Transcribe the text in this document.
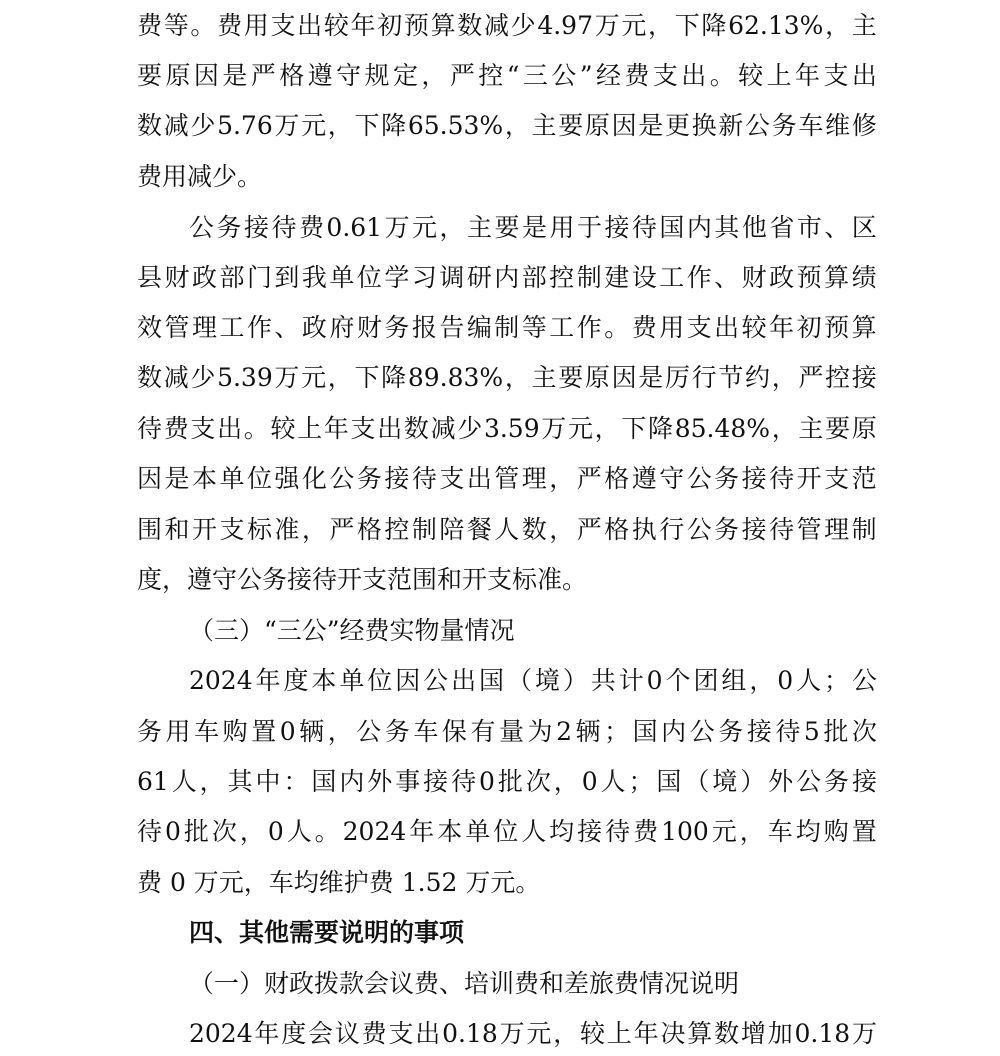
费 等 。 费 用 支 出 较 年 初 预 算 数 减 少 4.97 万 元 ， 下 降 62.13% ， 主
要 原 因 是 严 格 遵 守 规 定 ， 严 控 “ 三 公 ” 经 费 支 出 。 较 上 年 支 出
数 减 少 5.76 万 元 ， 下 降 65.53% ， 主 要 原 因 是 更 换 新 公 务 车 维 修
费用减少。
公 务 接 待 费 0.61 万 元 ， 主 要 是 用 于 接 待 国 内 其 他 省 市 、 区
县 财 政 部 门 到 我 单 位 学 习 调 研 内 部 控 制 建 设 工 作 、 财 政 预 算 绩
效 管 理 工 作 、 政 府 财 务 报 告 编 制 等 工 作 。 费 用 支 出 较 年 初 预 算
数 减 少 5.39 万 元 ， 下 降 89.83% ， 主 要 原 因 是 厉 行 节 约 ， 严 控 接
待 费 支 出 。 较 上 年 支 出 数 减 少 3.59 万 元 ， 下 降 85.48% ， 主 要 原
因 是 本 单 位 强 化 公 务 接 待 支 出 管 理 ， 严 格 遵 守 公 务 接 待 开 支 范
围 和 开 支 标 准 ， 严 格 控 制 陪 餐 人 数 ， 严 格 执 行 公 务 接 待 管 理 制
度，遵守公务接待开支范围和开支标准。
（三）“三公”经费实物量情况
2024 年 度 本 单 位 因 公 出 国 （ 境 ） 共 计 0 个 团 组 ， 0 人 ； 公
务 用 车 购 置 0 辆 ， 公 务 车 保 有 量 为 2 辆 ； 国 内 公 务 接 待 5 批 次
61 人 ， 其 中 ： 国 内 外 事 接 待 0 批 次 ， 0 人 ； 国 （ 境 ） 外 公 务 接
待 0 批 次 ， 0 人 。 2024 年 本 单 位 人 均 接 待 费 100 元 ， 车 均 购 置
费 0 万元，车均维护费 1.52 万元。
四、其他需要说明的事项
（一）财政拨款会议费、培训费和差旅费情况说明
2024 年 度 会 议 费 支 出 0.18 万 元 ， 较 上 年 决 算 数 增 加 0.18 万
